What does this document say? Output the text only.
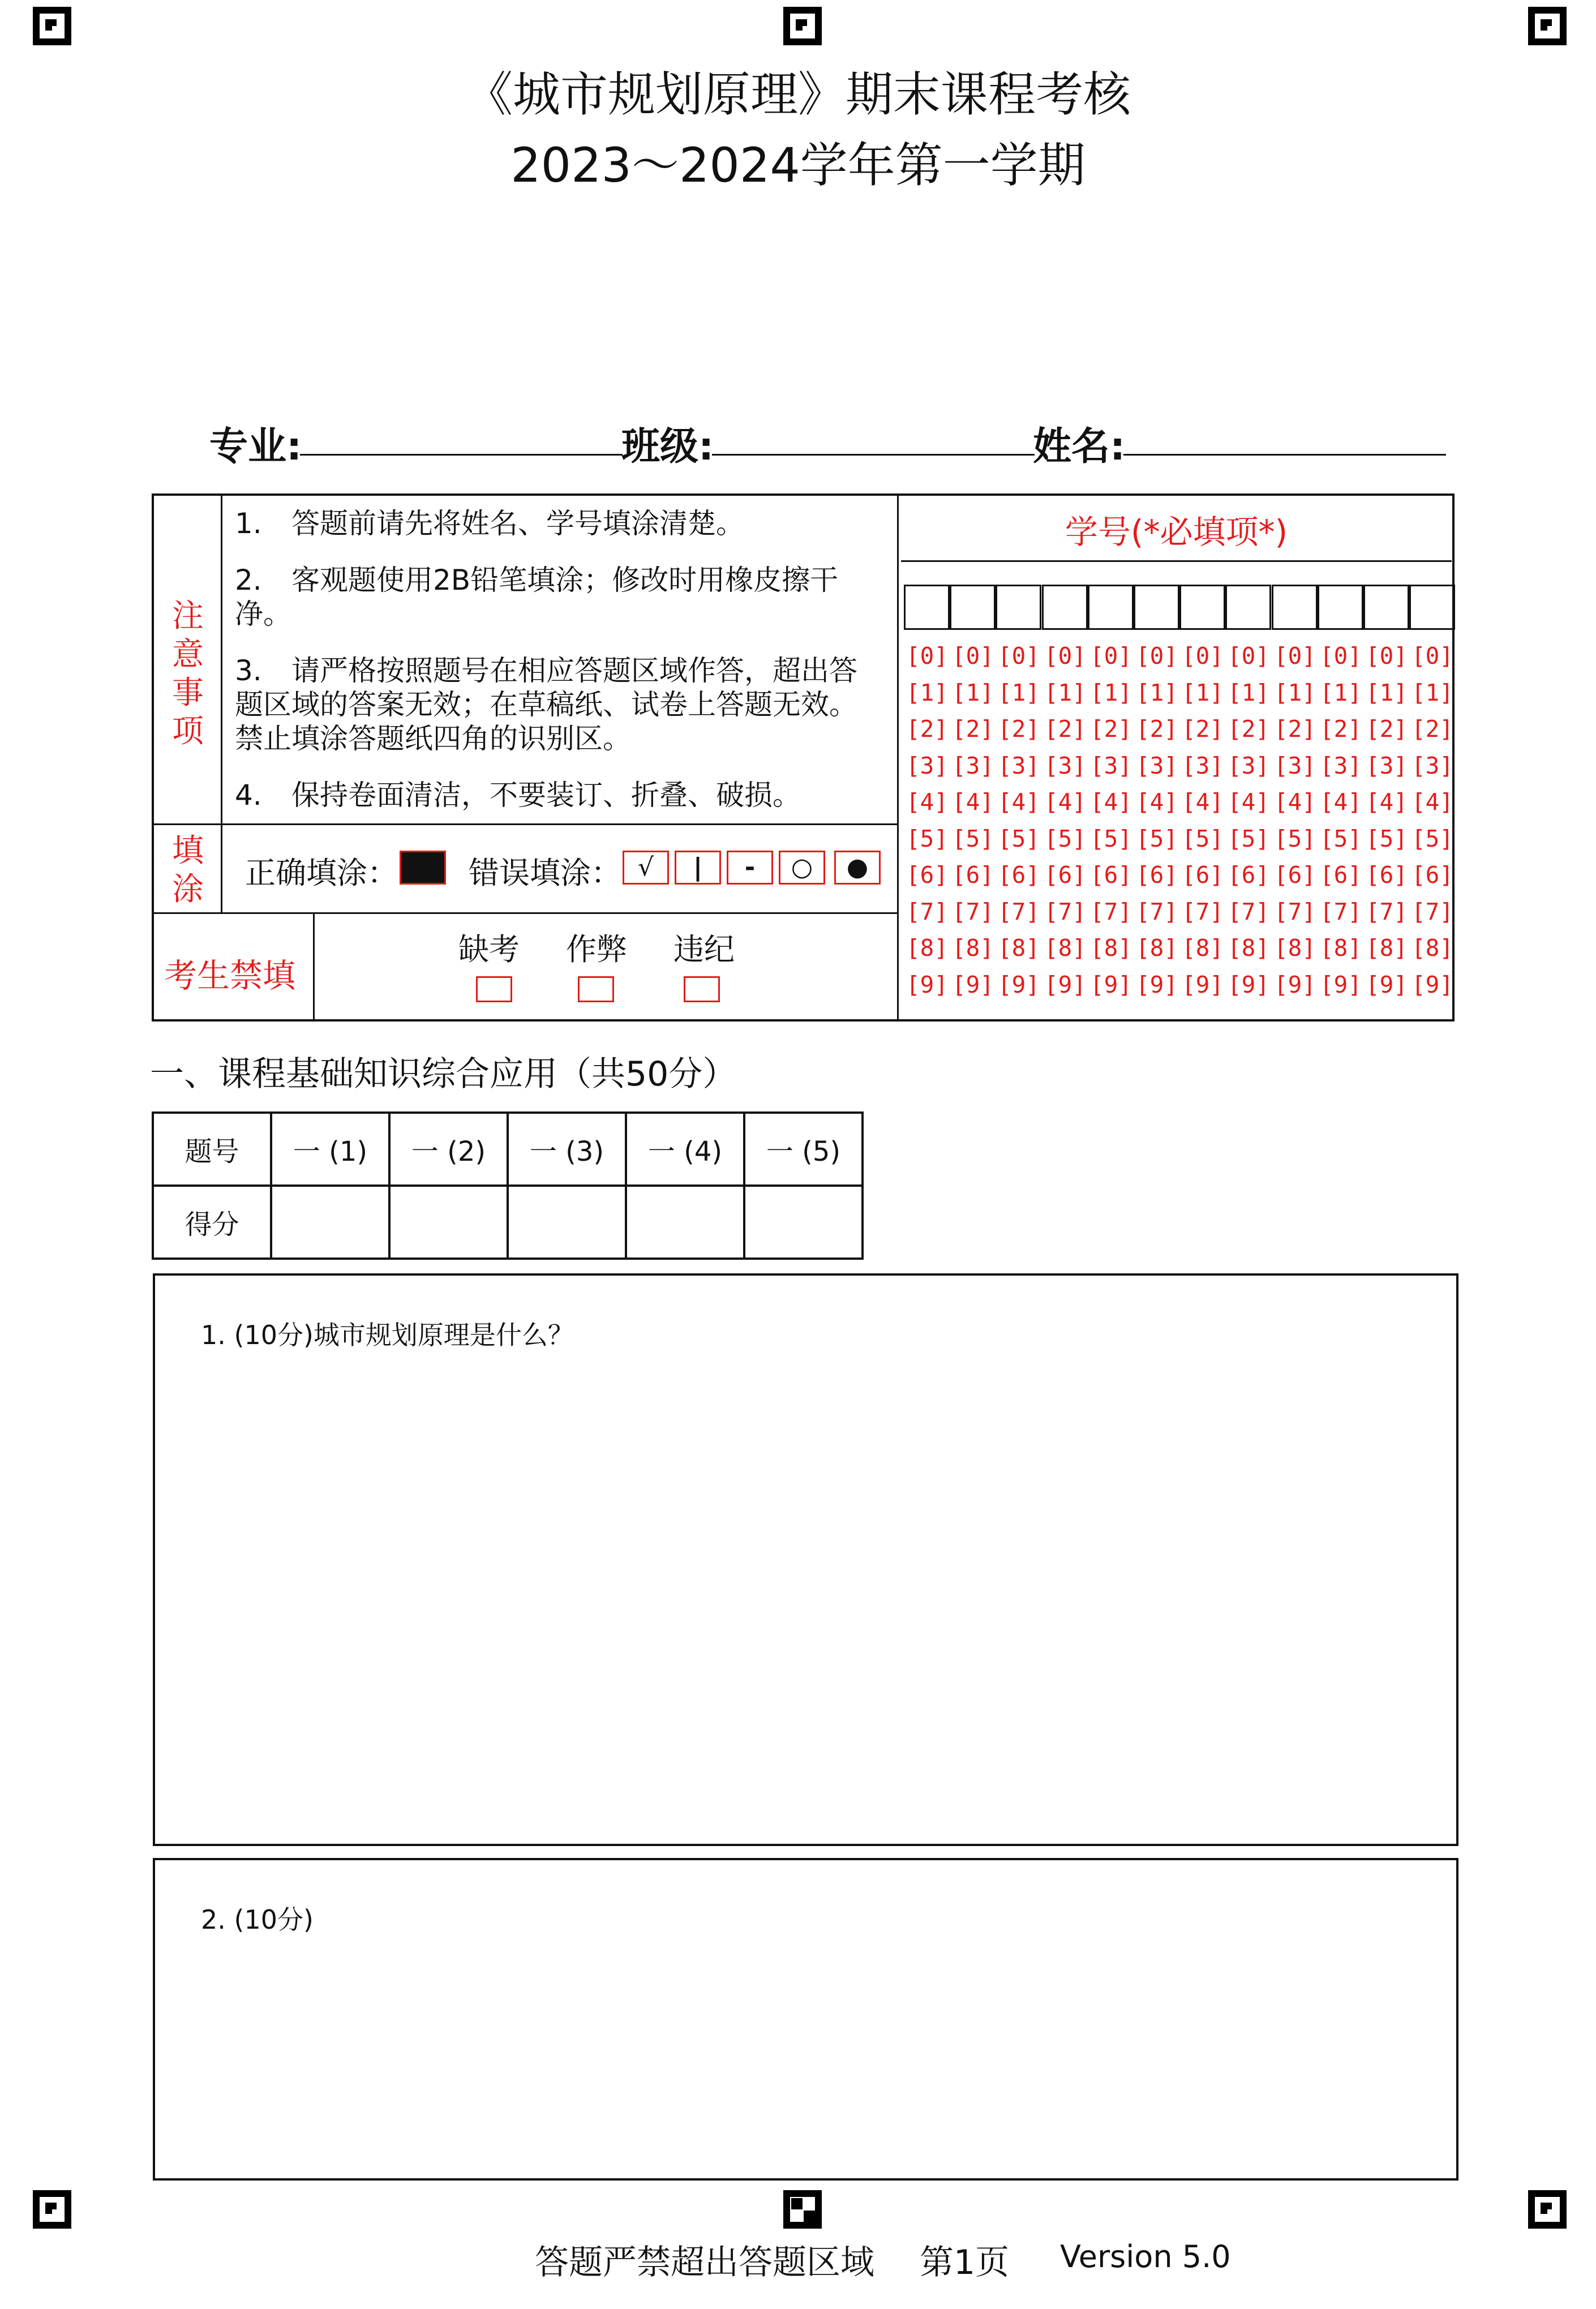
《城市规划原理》期末课程考核
2023～2024学年第一学期
专业:	班级:	姓名:
注
意
事
项
1. 答题前请先将姓名、学号填涂清楚。
2. 客观题使用2B铅笔填涂；修改时用橡皮擦干净。
3. 请严格按照题号在相应答题区域作答，超出答题区域的答案无效；在草稿纸、试卷上答题无效。禁止填涂答题纸四角的识别区。
4. 保持卷面清洁，不要装订、折叠、破损。
填
涂 正确填涂： 错误填涂： √	|	-	○	●
考生禁填
缺考 作弊 违纪
学号(*必填项*)
[0] [0] [0] [0] [0] [0] [0] [0] [0] [0] [0] [0]
[1] [1] [1] [1] [1] [1] [1] [1] [1] [1] [1] [1]
[2] [2] [2] [2] [2] [2] [2] [2] [2] [2] [2] [2]
[3] [3] [3] [3] [3] [3] [3] [3] [3] [3] [3] [3]
[4] [4] [4] [4] [4] [4] [4] [4] [4] [4] [4] [4]
[5] [5] [5] [5] [5] [5] [5] [5] [5] [5] [5] [5]
[6] [6] [6] [6] [6] [6] [6] [6] [6] [6] [6] [6]
[7] [7] [7] [7] [7] [7] [7] [7] [7] [7] [7] [7]
[8] [8] [8] [8] [8] [8] [8] [8] [8] [8] [8] [8]
[9] [9] [9] [9] [9] [9] [9] [9] [9] [9] [9] [9]
一、课程基础知识综合应用（共50分）
题号	一 (1)	一 (2)	一 (3)	一 (4)	一 (5)
得分					
1. (10分)城市规划原理是什么？
2. (10分)
答题严禁超出答题区域 第1页 Version 5.0
